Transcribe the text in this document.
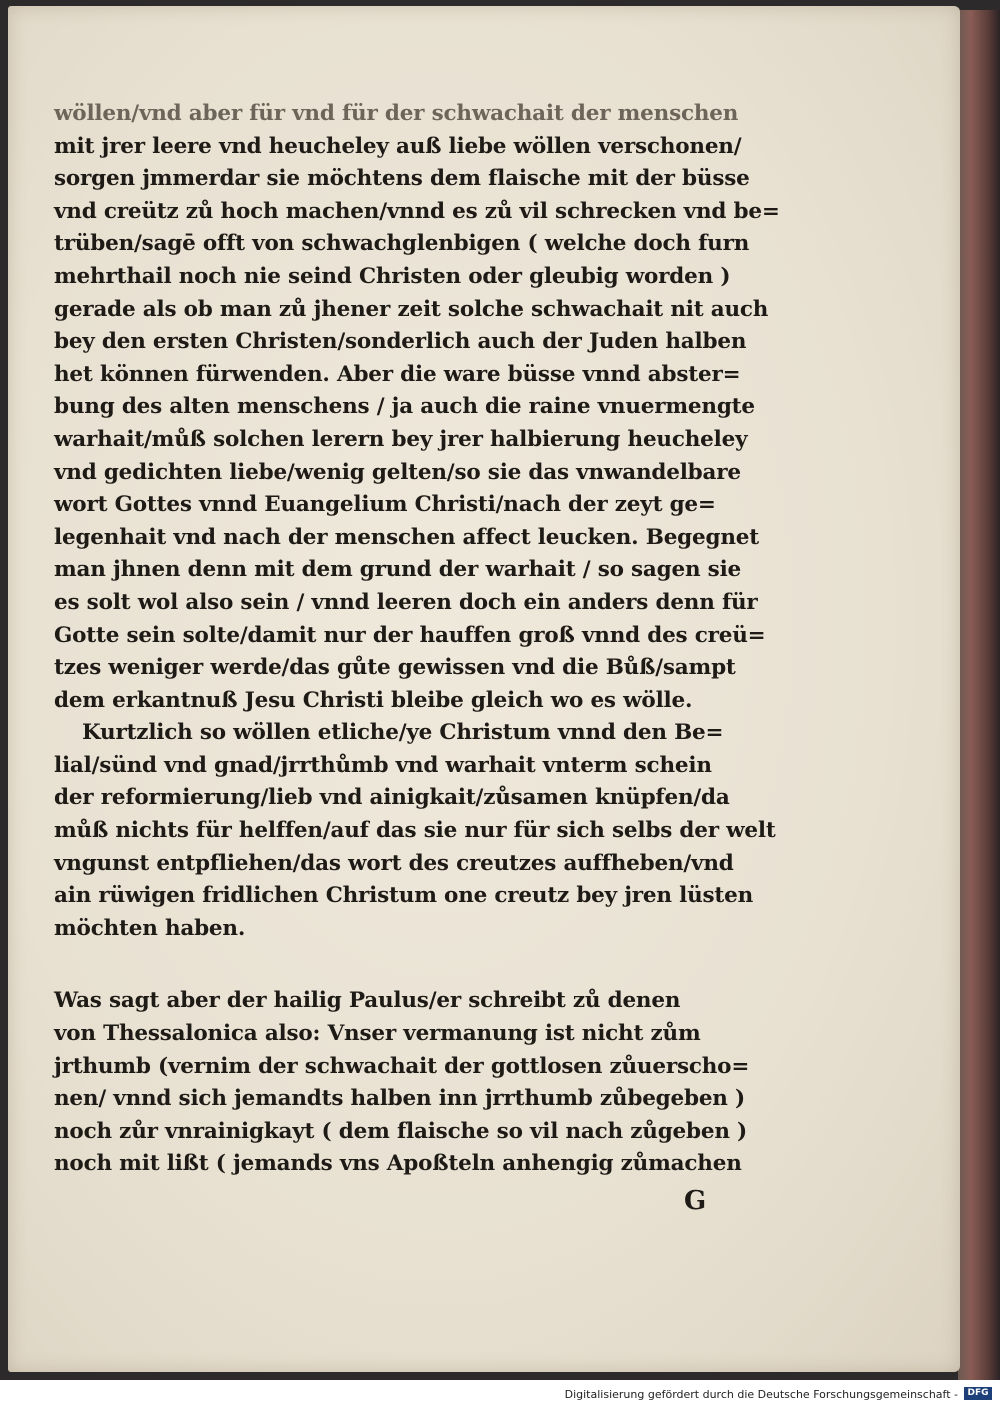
wöllen/vnd aber für vnd für der schwachait der menschen
mit jrer leere vnd heucheley auß liebe wöllen verschonen/
sorgen jmmerdar sie möchtens dem flaische mit der büsse
vnd creütz zů hoch machen/vnnd es zů vil schrecken vnd be=
trüben/sagē offt von schwachglenbigen ( welche doch furn
mehrthail noch nie seind Christen oder gleubig worden )
gerade als ob man zů jhener zeit solche schwachait nit auch
bey den ersten Christen/sonderlich auch der Juden halben
het können fürwenden. Aber die ware büsse vnnd abster=
bung des alten menschens / ja auch die raine vnuermengte
warhait/můß solchen lerern bey jrer halbierung heucheley
vnd gedichten liebe/wenig gelten/so sie das vnwandelbare
wort Gottes vnnd Euangelium Christi/nach der zeyt ge=
legenhait vnd nach der menschen affect leucken. Begegnet
man jhnen denn mit dem grund der warhait / so sagen sie
es solt wol also sein / vnnd leeren doch ein anders denn für
Gotte sein solte/damit nur der hauffen groß vnnd des creü=
tzes weniger werde/das gůte gewissen vnd die Bůß/sampt
dem erkantnuß Jesu Christi bleibe gleich wo es wölle.
Kurtzlich so wöllen etliche/ye Christum vnnd den Be=
lial/sünd vnd gnad/jrrthůmb vnd warhait vnterm schein
der reformierung/lieb vnd ainigkait/zůsamen knüpfen/da
můß nichts für helffen/auf das sie nur für sich selbs der welt
vngunst entpfliehen/das wort des creutzes auffheben/vnd
ain rüwigen fridlichen Christum one creutz bey jren lüsten
möchten haben.
Was sagt aber der hailig Paulus/er schreibt zů denen
von Thessalonica also: Vnser vermanung ist nicht zům
jrthumb (vernim der schwachait der gottlosen zůuerscho=
nen/ vnnd sich jemandts halben inn jrrthumb zůbegeben )
noch zůr vnrainigkayt ( dem flaische so vil nach zůgeben )
noch mit lißt ( jemands vns Apoßteln anhengig zůmachen
G
Digitalisierung gefördert durch die Deutsche Forschungsgemeinschaft -	DFG
